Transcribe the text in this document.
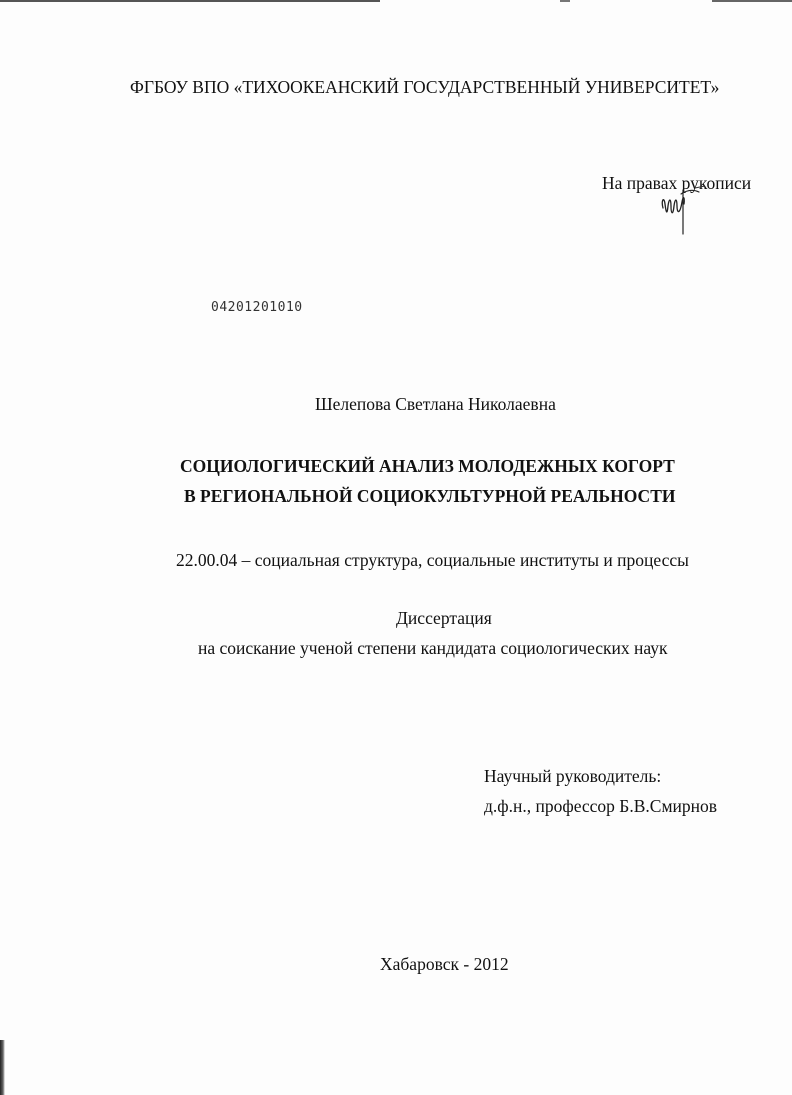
ФГБОУ ВПО «ТИХООКЕАНСКИЙ ГОСУДАРСТВЕННЫЙ УНИВЕРСИТЕТ»
На правах рукописи
04201201010
Шелепова Светлана Николаевна
СОЦИОЛОГИЧЕСКИЙ АНАЛИЗ МОЛОДЕЖНЫХ КОГОРТ
В РЕГИОНАЛЬНОЙ СОЦИОКУЛЬТУРНОЙ РЕАЛЬНОСТИ
22.00.04 – социальная структура, социальные институты и процессы
Диссертация
на соискание ученой степени кандидата социологических наук
Научный руководитель:
д.ф.н., профессор Б.В.Смирнов
Хабаровск - 2012
